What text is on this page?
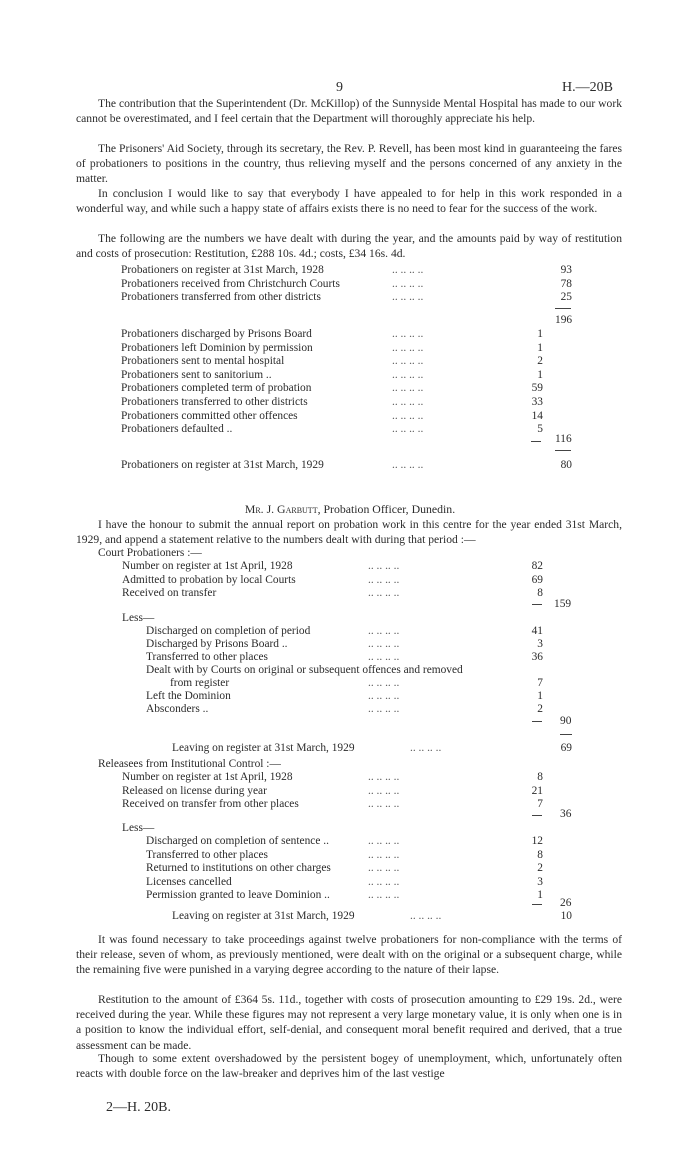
9	H.—20B
The contribution that the Superintendent (Dr. McKillop) of the Sunnyside Mental Hospital has made to our work cannot be overestimated, and I feel certain that the Department will thoroughly appreciate his help.
The Prisoners' Aid Society, through its secretary, the Rev. P. Revell, has been most kind in guaranteeing the fares of probationers to positions in the country, thus relieving myself and the persons concerned of any anxiety in the matter.
In conclusion I would like to say that everybody I have appealed to for help in this work responded in a wonderful way, and while such a happy state of affairs exists there is no need to fear for the success of the work.
The following are the numbers we have dealt with during the year, and the amounts paid by way of restitution and costs of prosecution: Restitution, £288 10s. 4d.; costs, £34 16s. 4d.
Probationers on register at 31st March, 1928	.. .. .. ..	93
Probationers received from Christchurch Courts	.. .. .. ..	78
Probationers transferred from other districts	.. .. .. ..	25
196
Probationers discharged by Prisons Board	.. .. .. ..	1
Probationers left Dominion by permission	.. .. .. ..	1
Probationers sent to mental hospital	.. .. .. ..	2
Probationers sent to sanitorium ..	.. .. .. ..	1
Probationers completed term of probation	.. .. .. ..	59
Probationers transferred to other districts	.. .. .. ..	33
Probationers committed other offences	.. .. .. ..	14
Probationers defaulted ..	.. .. .. ..	5
116
Probationers on register at 31st March, 1929	.. .. .. ..	80
Mr. J. Garbutt, Probation Officer, Dunedin.
I have the honour to submit the annual report on probation work in this centre for the year ended 31st March, 1929, and append a statement relative to the numbers dealt with during that period :—
Court Probationers :—
Number on register at 1st April, 1928	.. .. .. ..	82
Admitted to probation by local Courts	.. .. .. ..	69
Received on transfer	.. .. .. ..	8
159
Less—
Discharged on completion of period	.. .. .. ..	41
Discharged by Prisons Board ..	.. .. .. ..	3
Transferred to other places	.. .. .. ..	36
Dealt with by Courts on original or subsequent offences and removed
from register	.. .. .. ..	7
Left the Dominion	.. .. .. ..	1
Absconders ..	.. .. .. ..	2
90
Leaving on register at 31st March, 1929	.. .. .. ..	69
Releasees from Institutional Control :—
Number on register at 1st April, 1928	.. .. .. ..	8
Released on license during year	.. .. .. ..	21
Received on transfer from other places	.. .. .. ..	7
36
Less—
Discharged on completion of sentence ..	.. .. .. ..	12
Transferred to other places	.. .. .. ..	8
Returned to institutions on other charges	.. .. .. ..	2
Licenses cancelled	.. .. .. ..	3
Permission granted to leave Dominion ..	.. .. .. ..	1
26
Leaving on register at 31st March, 1929	.. .. .. ..	10
It was found necessary to take proceedings against twelve probationers for non-compliance with the terms of their release, seven of whom, as previously mentioned, were dealt with on the original or a subsequent charge, while the remaining five were punished in a varying degree according to the nature of their lapse.
Restitution to the amount of £364 5s. 11d., together with costs of prosecution amounting to £29 19s. 2d., were received during the year. While these figures may not represent a very large monetary value, it is only when one is in a position to know the individual effort, self-denial, and consequent moral benefit required and derived, that a true assessment can be made.
Though to some extent overshadowed by the persistent bogey of unemployment, which, unfortunately often reacts with double force on the law-breaker and deprives him of the last vestige
2—H. 20B.
